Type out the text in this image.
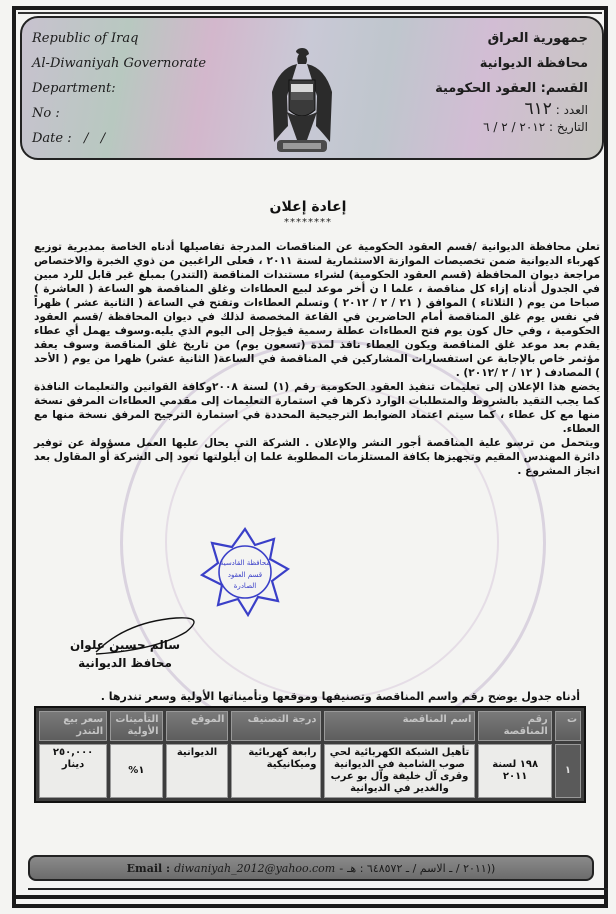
Republic of Iraq
Al-Diwaniyah Governorate
Department:
No :
Date :   /   /
جمهورية العراق
محافظة الديوانية
القسم: العقود الحكومية
العدد : ٦١٢
التاريخ : ٢٠١٢ / ٢ / ٦
إعادة إعلان
********

تعلن محافظة الديوانية /قسم العقود الحكومية عن المناقصات المدرجة تفاصيلها أدناه الخاصة بمديرية توزيع كهرباء الديوانية ضمن تخصيصات الموازنة الاستثمارية لسنة ٢٠١١ ، فعلى الراغبين من ذوي الخبرة والاختصاص مراجعة ديوان المحافظة (قسم العقود الحكومية) لشراء مستندات المناقصة (التندر) بمبلغ غير قابل للرد مبين في الجدول أدناه إزاء كل مناقصة ، علما ا ن أخر موعد لبيع العطاءات وغلق المناقصة هو الساعة ( العاشرة ) صباحا من يوم ( الثلاثاء ) الموافق ( ٢١ / ٢ / ٢٠١٢ ) وتسلم العطاءات وتفتح في الساعة ( الثانية عشر ) ظهراً في نفس يوم غلق المناقصة أمام الحاضرين في القاعة المخصصة لذلك في ديوان المحافظة /قسم العقود الحكومية ، وفي حال كون يوم فتح العطاءات عطلة رسمية فيؤجل إلى اليوم الذي يليه.وسوف يهمل أي عطاء يقدم بعد موعد غلق المناقصة ويكون العطاء نافذ لمدة (تسعون يوم) من تاريخ غلق المناقصة وسوف يعقد مؤتمر خاص بالإجابة عن استفسارات المشاركين في المناقصة في الساعة( الثانية عشر) ظهرا من يوم ( الأحد ) المصادف ( ١٢ / ٢ /٢٠١٢) .

يخضع هذا الإعلان إلى تعليمات تنفيذ العقود الحكومية رقم (١) لسنة ٢٠٠٨وكافة القوانين والتعليمات النافذة كما يجب التقيد بالشروط والمتطلبات الوارد ذكرها في استمارة التعليمات إلى مقدمي العطاءات المرفق نسخة منها مع كل عطاء ، كما سيتم اعتماد الضوابط الترجيحية المحددة في استمارة الترجيح المرفق نسخة منها مع العطاء.

ويتحمل من ترسو علية المناقصة أجور النشر والإعلان . الشركة التي يحال عليها العمل مسؤولة عن توفير دائرة المهندس المقيم وتجهيزها بكافة المستلزمات المطلوبة علما إن أيلولتها تعود إلى الشركة أو المقاول بعد انجاز المشروع .

محافظة القادسية
قسم العقود
الصادرة
سالم حسين علوان
محافظ الديوانية
أدناه جدول يوضح رقم واسم المناقصة وتصنيفها وموقعها وتأميناتها الأولية وسعر تندرها .
ت	رقم المناقصة	اسم المناقصة	درجة التصنيف	الموقع	التأمينات الأولية	سعر بيع التندر
١	١٩٨ لسنة ٢٠١١	تأهيل الشبكة الكهربائية لحي صوب الشامية في الديوانية وقرى آل خليفة وآل بو عرب والغدير في الديوانية	رابعة كهربائية وميكانيكية	الديوانية	١%	٢٥٠,٠٠٠ دينار
Email : diwaniyah_2012@yahoo.com - ((٢٠١١ / ـ الاسم / ـ ٦٤٨٥٧٢ : هـ
